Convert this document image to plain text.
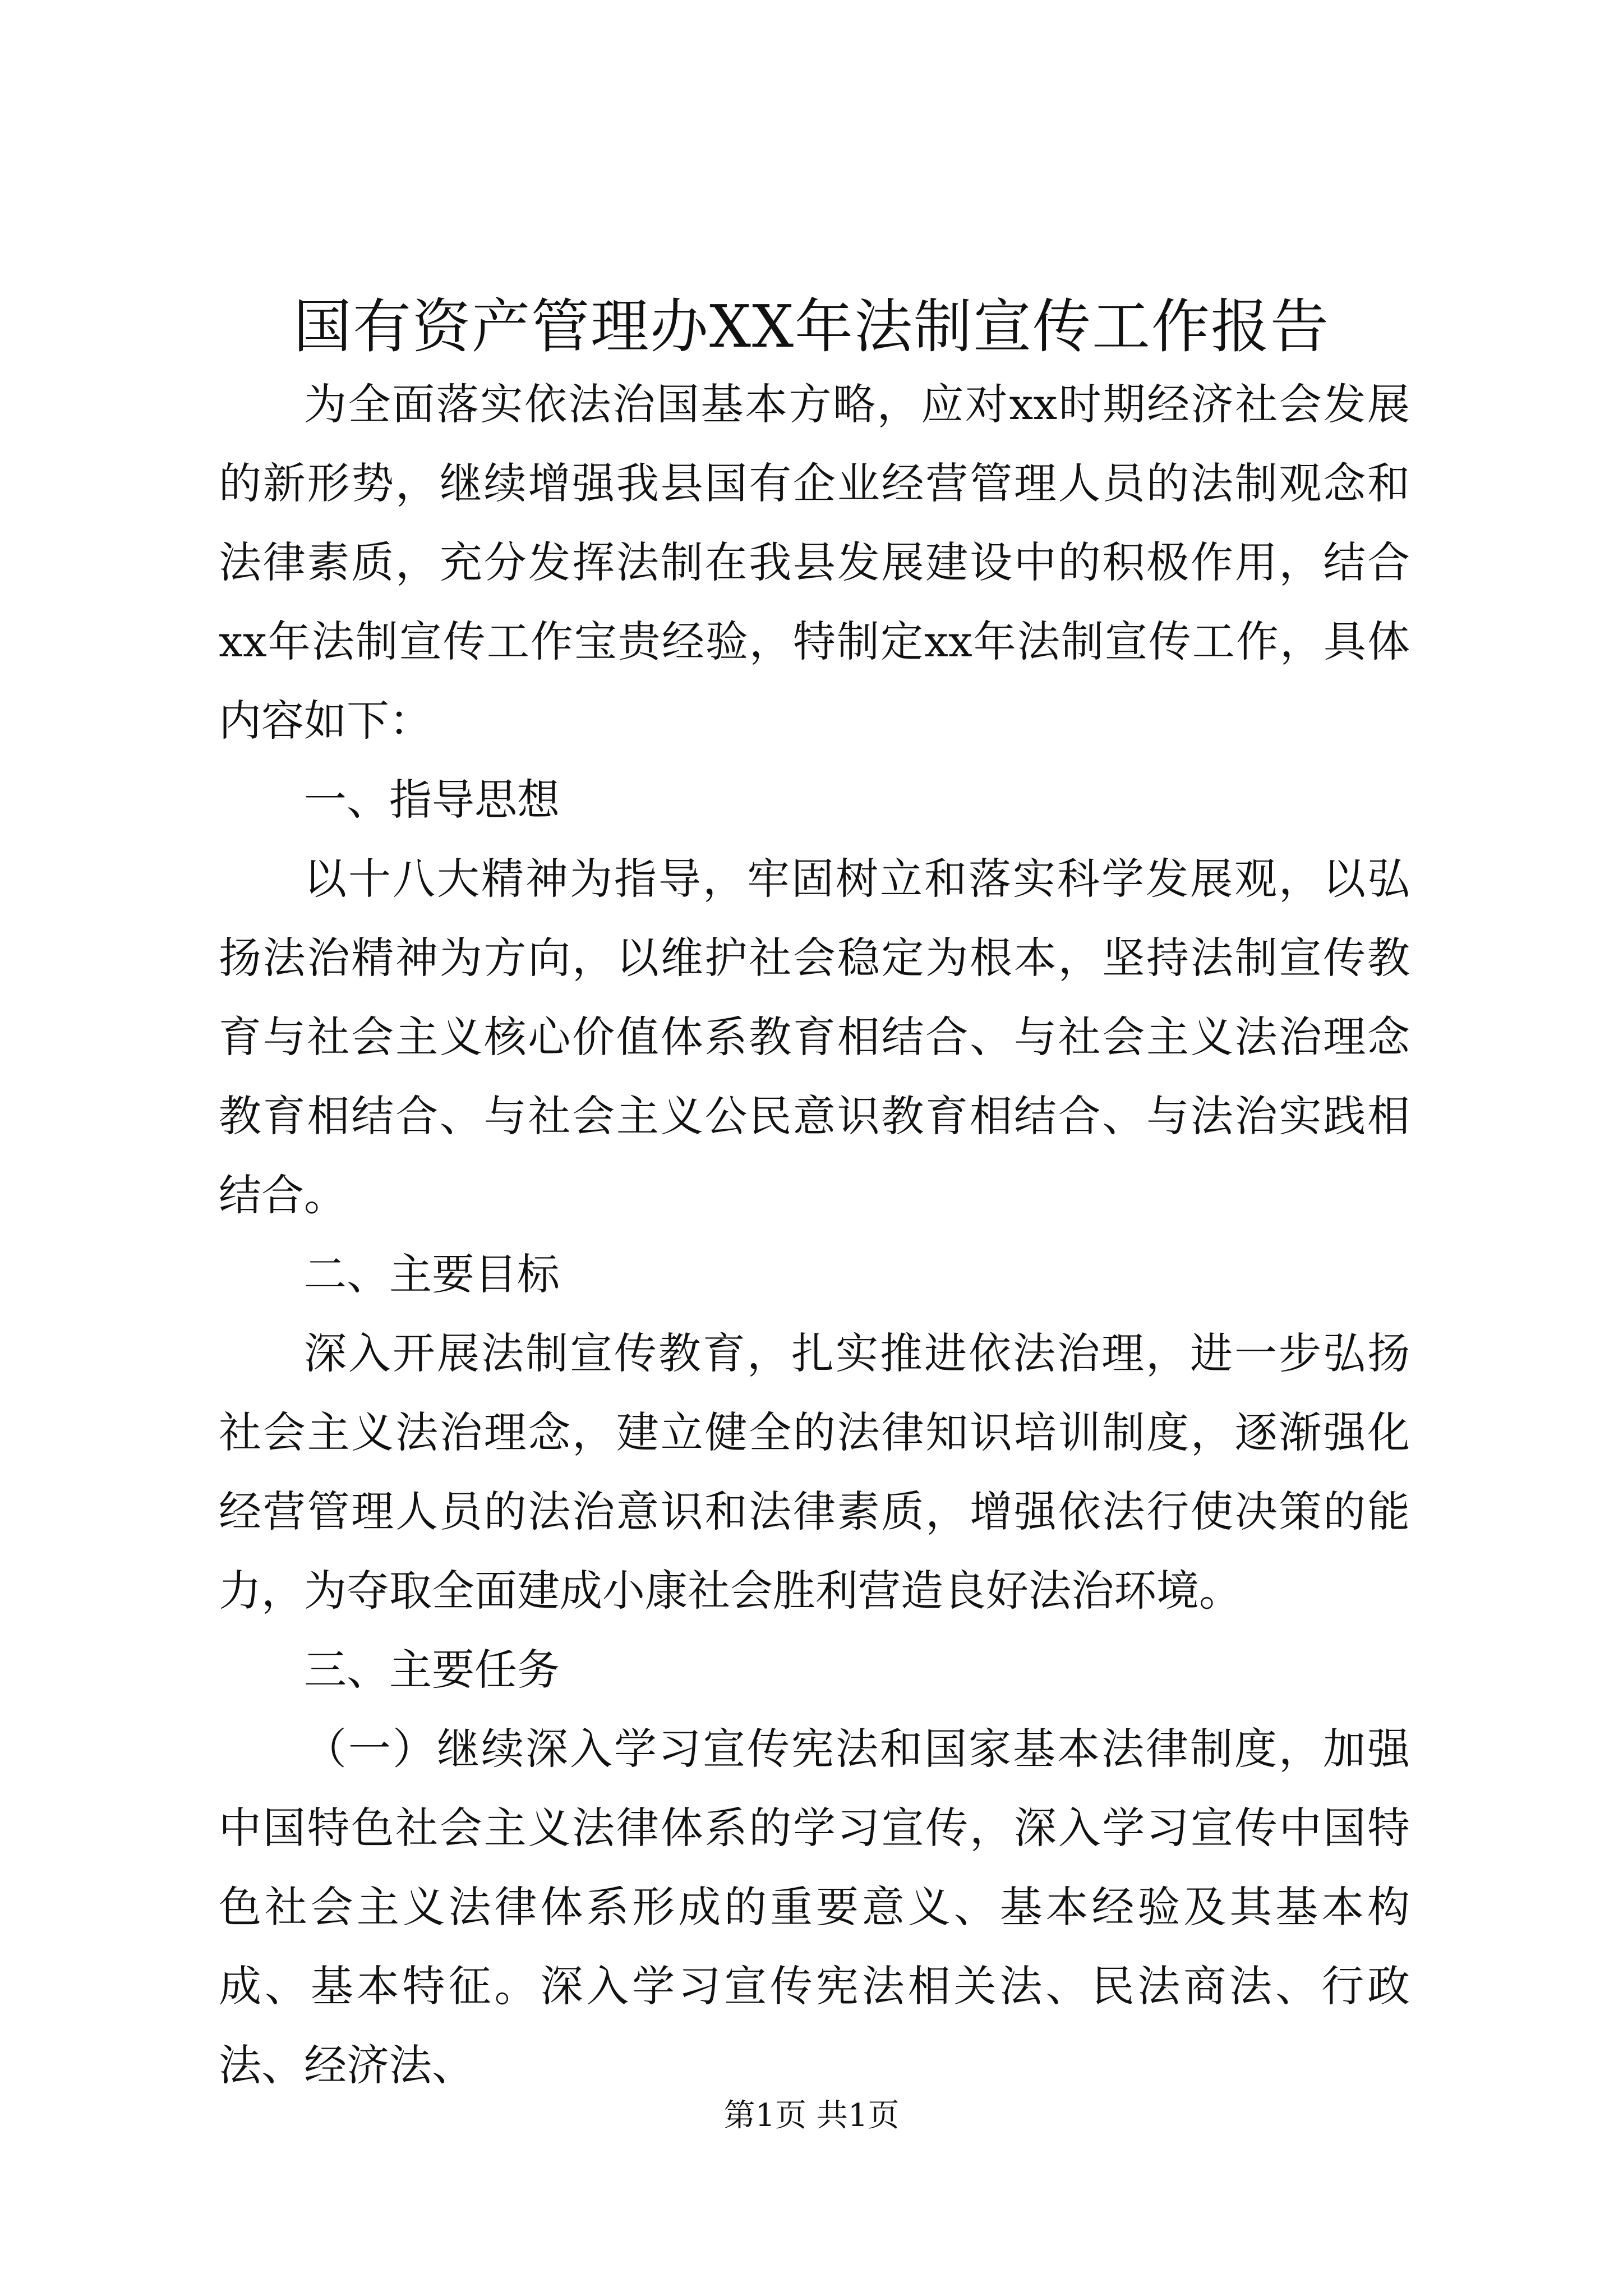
国有资产管理办XX年法制宣传工作报告

为全面落实依法治国基本方略，应对xx时期经济社会发展的新形势，继续增强我县国有企业经营管理人员的法制观念和法律素质，充分发挥法制在我县发展建设中的积极作用，结合xx年法制宣传工作宝贵经验，特制定xx年法制宣传工作，具体内容如下：

一、指导思想

以十八大精神为指导，牢固树立和落实科学发展观，以弘扬法治精神为方向，以维护社会稳定为根本，坚持法制宣传教育与社会主义核心价值体系教育相结合、与社会主义法治理念教育相结合、与社会主义公民意识教育相结合、与法治实践相结合。

二、主要目标

深入开展法制宣传教育，扎实推进依法治理，进一步弘扬社会主义法治理念，建立健全的法律知识培训制度，逐渐强化经营管理人员的法治意识和法律素质，增强依法行使决策的能力，为夺取全面建成小康社会胜利营造良好法治环境。

三、主要任务

（一）继续深入学习宣传宪法和国家基本法律制度，加强中国特色社会主义法律体系的学习宣传，深入学习宣传中国特色社会主义法律体系形成的重要意义、基本经验及其基本构成、基本特征。深入学习宣传宪法相关法、民法商法、行政法、经济法、

第1页 共1页
